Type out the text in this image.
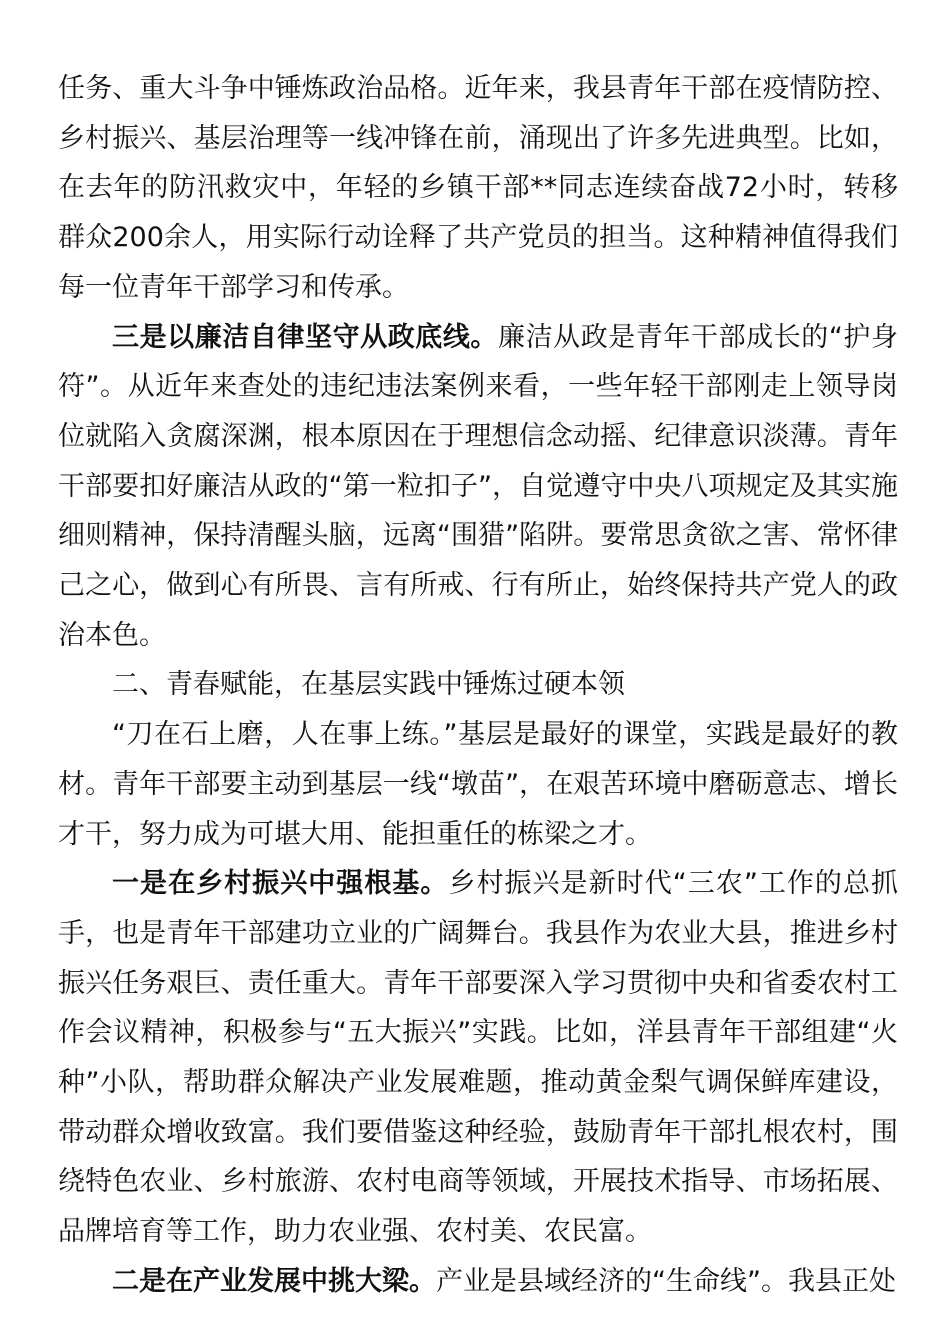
任务、重大斗争中锤炼政治品格。近年来，我县青年干部在疫情防控、乡村振兴、基层治理等一线冲锋在前，涌现出了许多先进典型。比如，在去年的防汛救灾中，年轻的乡镇干部**同志连续奋战72小时，转移群众200余人，用实际行动诠释了共产党员的担当。这种精神值得我们每一位青年干部学习和传承。

三是以廉洁自律坚守从政底线。廉洁从政是青年干部成长的“护身符”。从近年来查处的违纪违法案例来看，一些年轻干部刚走上领导岗位就陷入贪腐深渊，根本原因在于理想信念动摇、纪律意识淡薄。青年干部要扣好廉洁从政的“第一粒扣子”，自觉遵守中央八项规定及其实施细则精神，保持清醒头脑，远离“围猎”陷阱。要常思贪欲之害、常怀律己之心，做到心有所畏、言有所戒、行有所止，始终保持共产党人的政治本色。

二、青春赋能，在基层实践中锤炼过硬本领

“刀在石上磨，人在事上练。”基层是最好的课堂，实践是最好的教材。青年干部要主动到基层一线“墩苗”，在艰苦环境中磨砺意志、增长才干，努力成为可堪大用、能担重任的栋梁之才。

一是在乡村振兴中强根基。乡村振兴是新时代“三农”工作的总抓手，也是青年干部建功立业的广阔舞台。我县作为农业大县，推进乡村振兴任务艰巨、责任重大。青年干部要深入学习贯彻中央和省委农村工作会议精神，积极参与“五大振兴”实践。比如，洋县青年干部组建“火种”小队，帮助群众解决产业发展难题，推动黄金梨气调保鲜库建设，带动群众增收致富。我们要借鉴这种经验，鼓励青年干部扎根农村，围绕特色农业、乡村旅游、农村电商等领域，开展技术指导、市场拓展、品牌培育等工作，助力农业强、农村美、农民富。

二是在产业发展中挑大梁。产业是县域经济的“生命线”。我县正处
